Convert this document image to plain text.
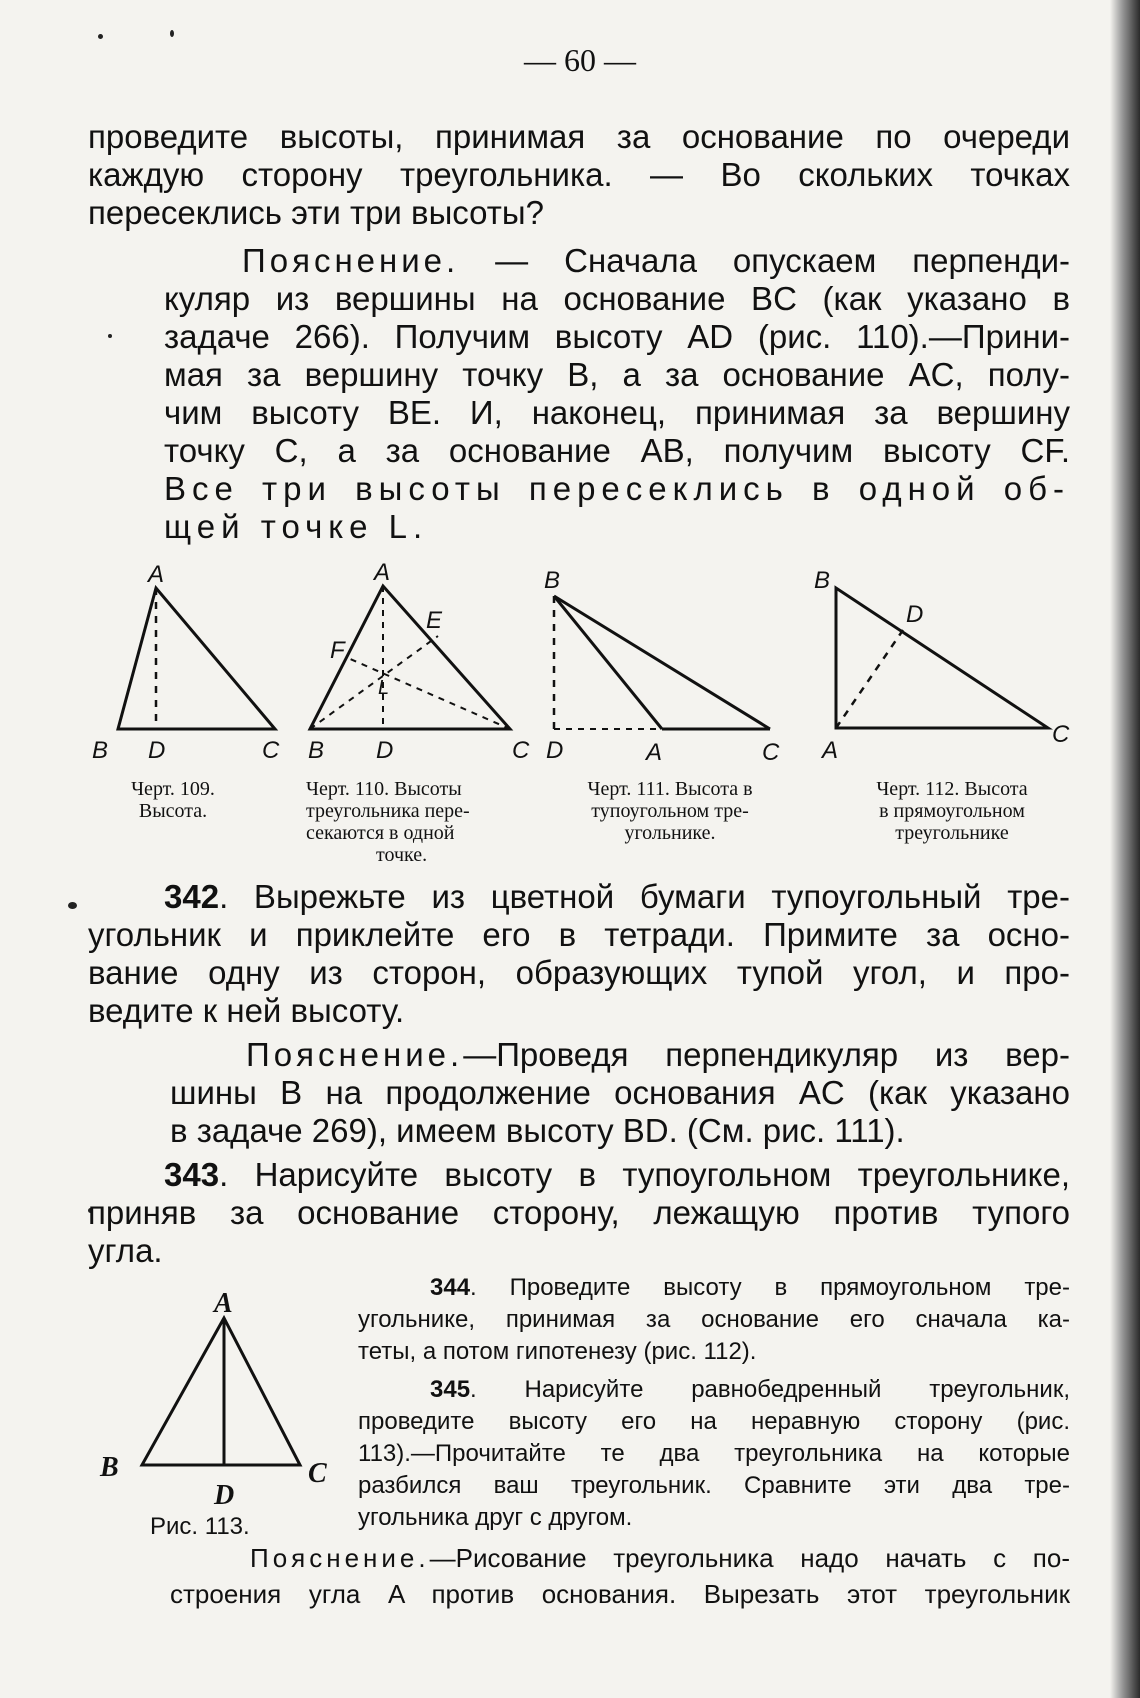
— 60 —
проведите высоты, принимая за основание по очереди
каждую сторону треугольника. — Во скольких точках
пересеклись эти три высоты?
Пояснение. — Сначала опускаем перпенди-
куляр из вершины на основание BC (как указано в
задаче 266). Получим высоту AD (рис. 110).—Прини-
мая за вершину точку B, а за основание AC, полу-
чим высоту BE. И, наконец, принимая за вершину
точку C, а за основание AB, получим высоту CF.
Все три высоты пересеклись в одной об-
щей точке L.
A
B D	C
Черт. 109.
Высота.
A
E
F
L
B D	C
Черт. 110. Высоты
треугольника пере-
секаются в одной
точке.
B
D	A	C
Черт. 111. Высота в
тупоугольном тре-
угольнике.
B
D
A
C
Черт. 112. Высота
в прямоугольном
треугольнике
342. Вырежьте из цветной бумаги тупоугольный тре-
угольник и приклейте его в тетради. Примите за осно-
вание одну из сторон, образующих тупой угол, и про-
ведите к ней высоту.
Пояснение.—Проведя перпендикуляр из вер-
шины B на продолжение основания AC (как указано
в задаче 269), имеем высоту BD. (См. рис. 111).
343. Нарисуйте высоту в тупоугольном треугольнике,
приняв за основание сторону, лежащую против тупого
угла.
A
B	C
D
Рис. 113.
344. Проведите высоту в прямоугольном тре-
угольнике, принимая за основание его сначала ка-
теты, а потом гипотенезу (рис. 112).
345. Нарисуйте равнобедренный треугольник,
проведите высоту его на неравную сторону (рис.
113).—Прочитайте те два треугольника на которые
разбился ваш треугольник. Сравните эти два тре-
угольника друг с другом.
Пояснение.—Рисование треугольника надо начать с по-
строения угла A против основания. Вырезать этот треугольник
